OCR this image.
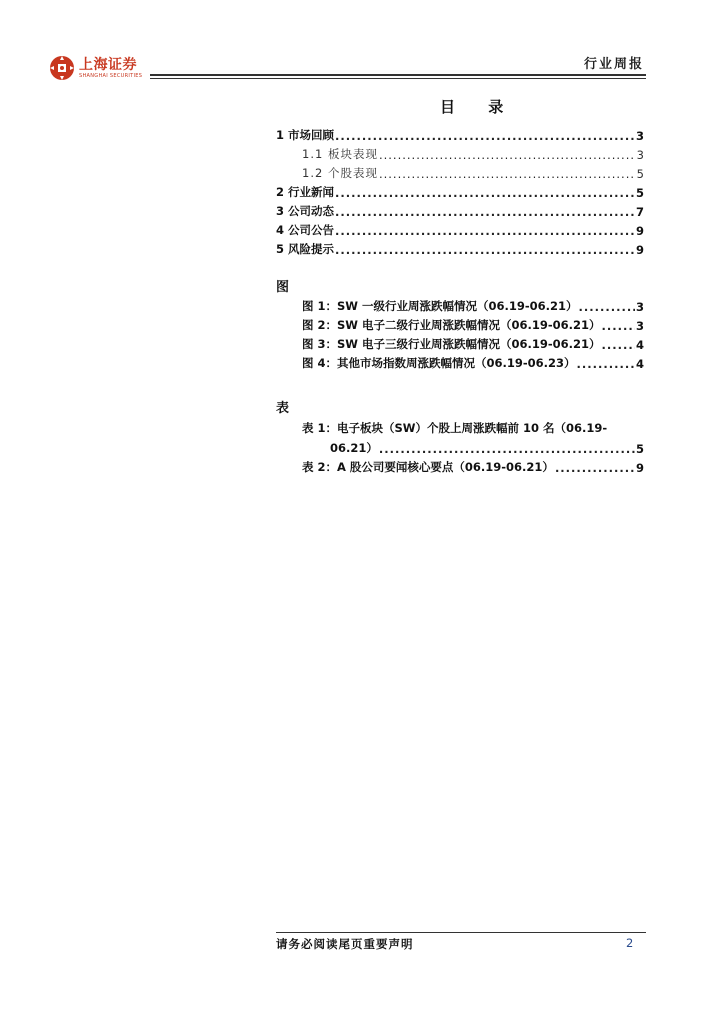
上海证券
SHANGHAI SECURITIES
行业周报
目 录
1 市场回顾 .....	3
1.1 板块表现 .....	3
1.2 个股表现 .....	5
2 行业新闻 .....	5
3 公司动态 .....	7
4 公司公告 .....	9
5 风险提示 .....	9
图
图 1：SW 一级行业周涨跌幅情况（06.19-06.21） .....	3
图 2：SW 电子二级行业周涨跌幅情况（06.19-06.21） .....	3
图 3：SW 电子三级行业周涨跌幅情况（06.19-06.21） .....	4
图 4：其他市场指数周涨跌幅情况（06.19-06.23） .....	4
表
表 1：电子板块（SW）个股上周涨跌幅前 10 名（06.19-
06.21） .....	5
表 2：A 股公司要闻核心要点（06.19-06.21） .....	9
请务必阅读尾页重要声明	2
